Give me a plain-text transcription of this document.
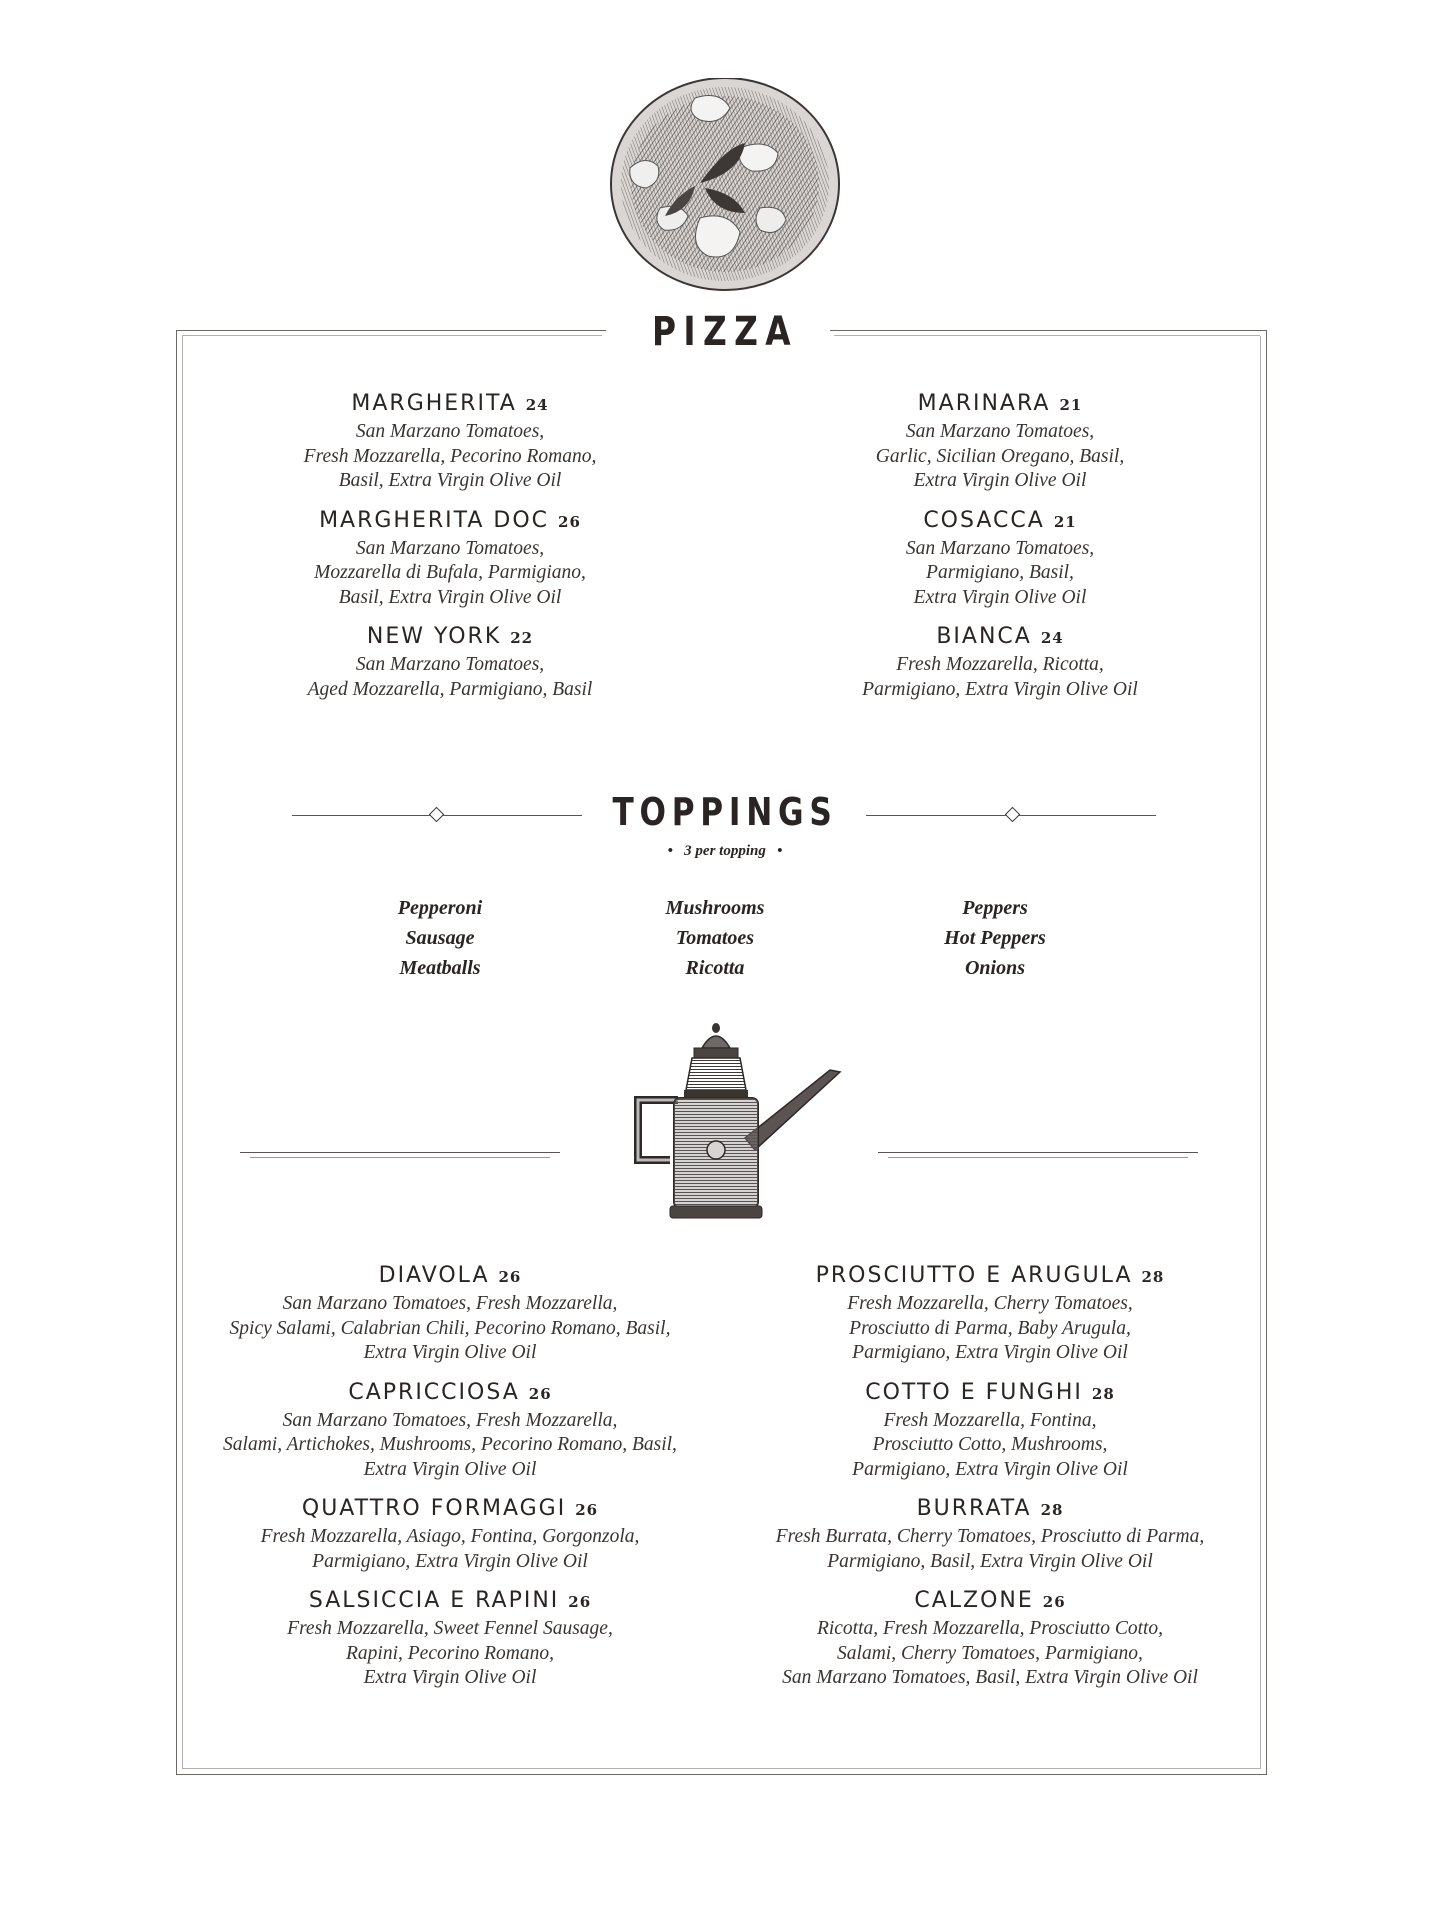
PIZZA
MARGHERITA 24
San Marzano Tomatoes,
Fresh Mozzarella, Pecorino Romano,
Basil, Extra Virgin Olive Oil
MARGHERITA DOC 26
San Marzano Tomatoes,
Mozzarella di Bufala, Parmigiano,
Basil, Extra Virgin Olive Oil
NEW YORK 22
San Marzano Tomatoes,
Aged Mozzarella, Parmigiano, Basil
MARINARA 21
San Marzano Tomatoes,
Garlic, Sicilian Oregano, Basil,
Extra Virgin Olive Oil
COSACCA 21
San Marzano Tomatoes,
Parmigiano, Basil,
Extra Virgin Olive Oil
BIANCA 24
Fresh Mozzarella, Ricotta,
Parmigiano, Extra Virgin Olive Oil
TOPPINGS
•   3 per topping   •
Pepperoni
Sausage
Meatballs
Mushrooms
Tomatoes
Ricotta
Peppers
Hot Peppers
Onions
DIAVOLA 26
San Marzano Tomatoes, Fresh Mozzarella,
Spicy Salami, Calabrian Chili, Pecorino Romano, Basil,
Extra Virgin Olive Oil
CAPRICCIOSA 26
San Marzano Tomatoes, Fresh Mozzarella,
Salami, Artichokes, Mushrooms, Pecorino Romano, Basil,
Extra Virgin Olive Oil
QUATTRO FORMAGGI 26
Fresh Mozzarella, Asiago, Fontina, Gorgonzola,
Parmigiano, Extra Virgin Olive Oil
SALSICCIA E RAPINI 26
Fresh Mozzarella, Sweet Fennel Sausage,
Rapini, Pecorino Romano,
Extra Virgin Olive Oil
PROSCIUTTO E ARUGULA 28
Fresh Mozzarella, Cherry Tomatoes,
Prosciutto di Parma, Baby Arugula,
Parmigiano, Extra Virgin Olive Oil
COTTO E FUNGHI 28
Fresh Mozzarella, Fontina,
Prosciutto Cotto, Mushrooms,
Parmigiano, Extra Virgin Olive Oil
BURRATA 28
Fresh Burrata, Cherry Tomatoes, Prosciutto di Parma,
Parmigiano, Basil, Extra Virgin Olive Oil
CALZONE 26
Ricotta, Fresh Mozzarella, Prosciutto Cotto,
Salami, Cherry Tomatoes, Parmigiano,
San Marzano Tomatoes, Basil, Extra Virgin Olive Oil
